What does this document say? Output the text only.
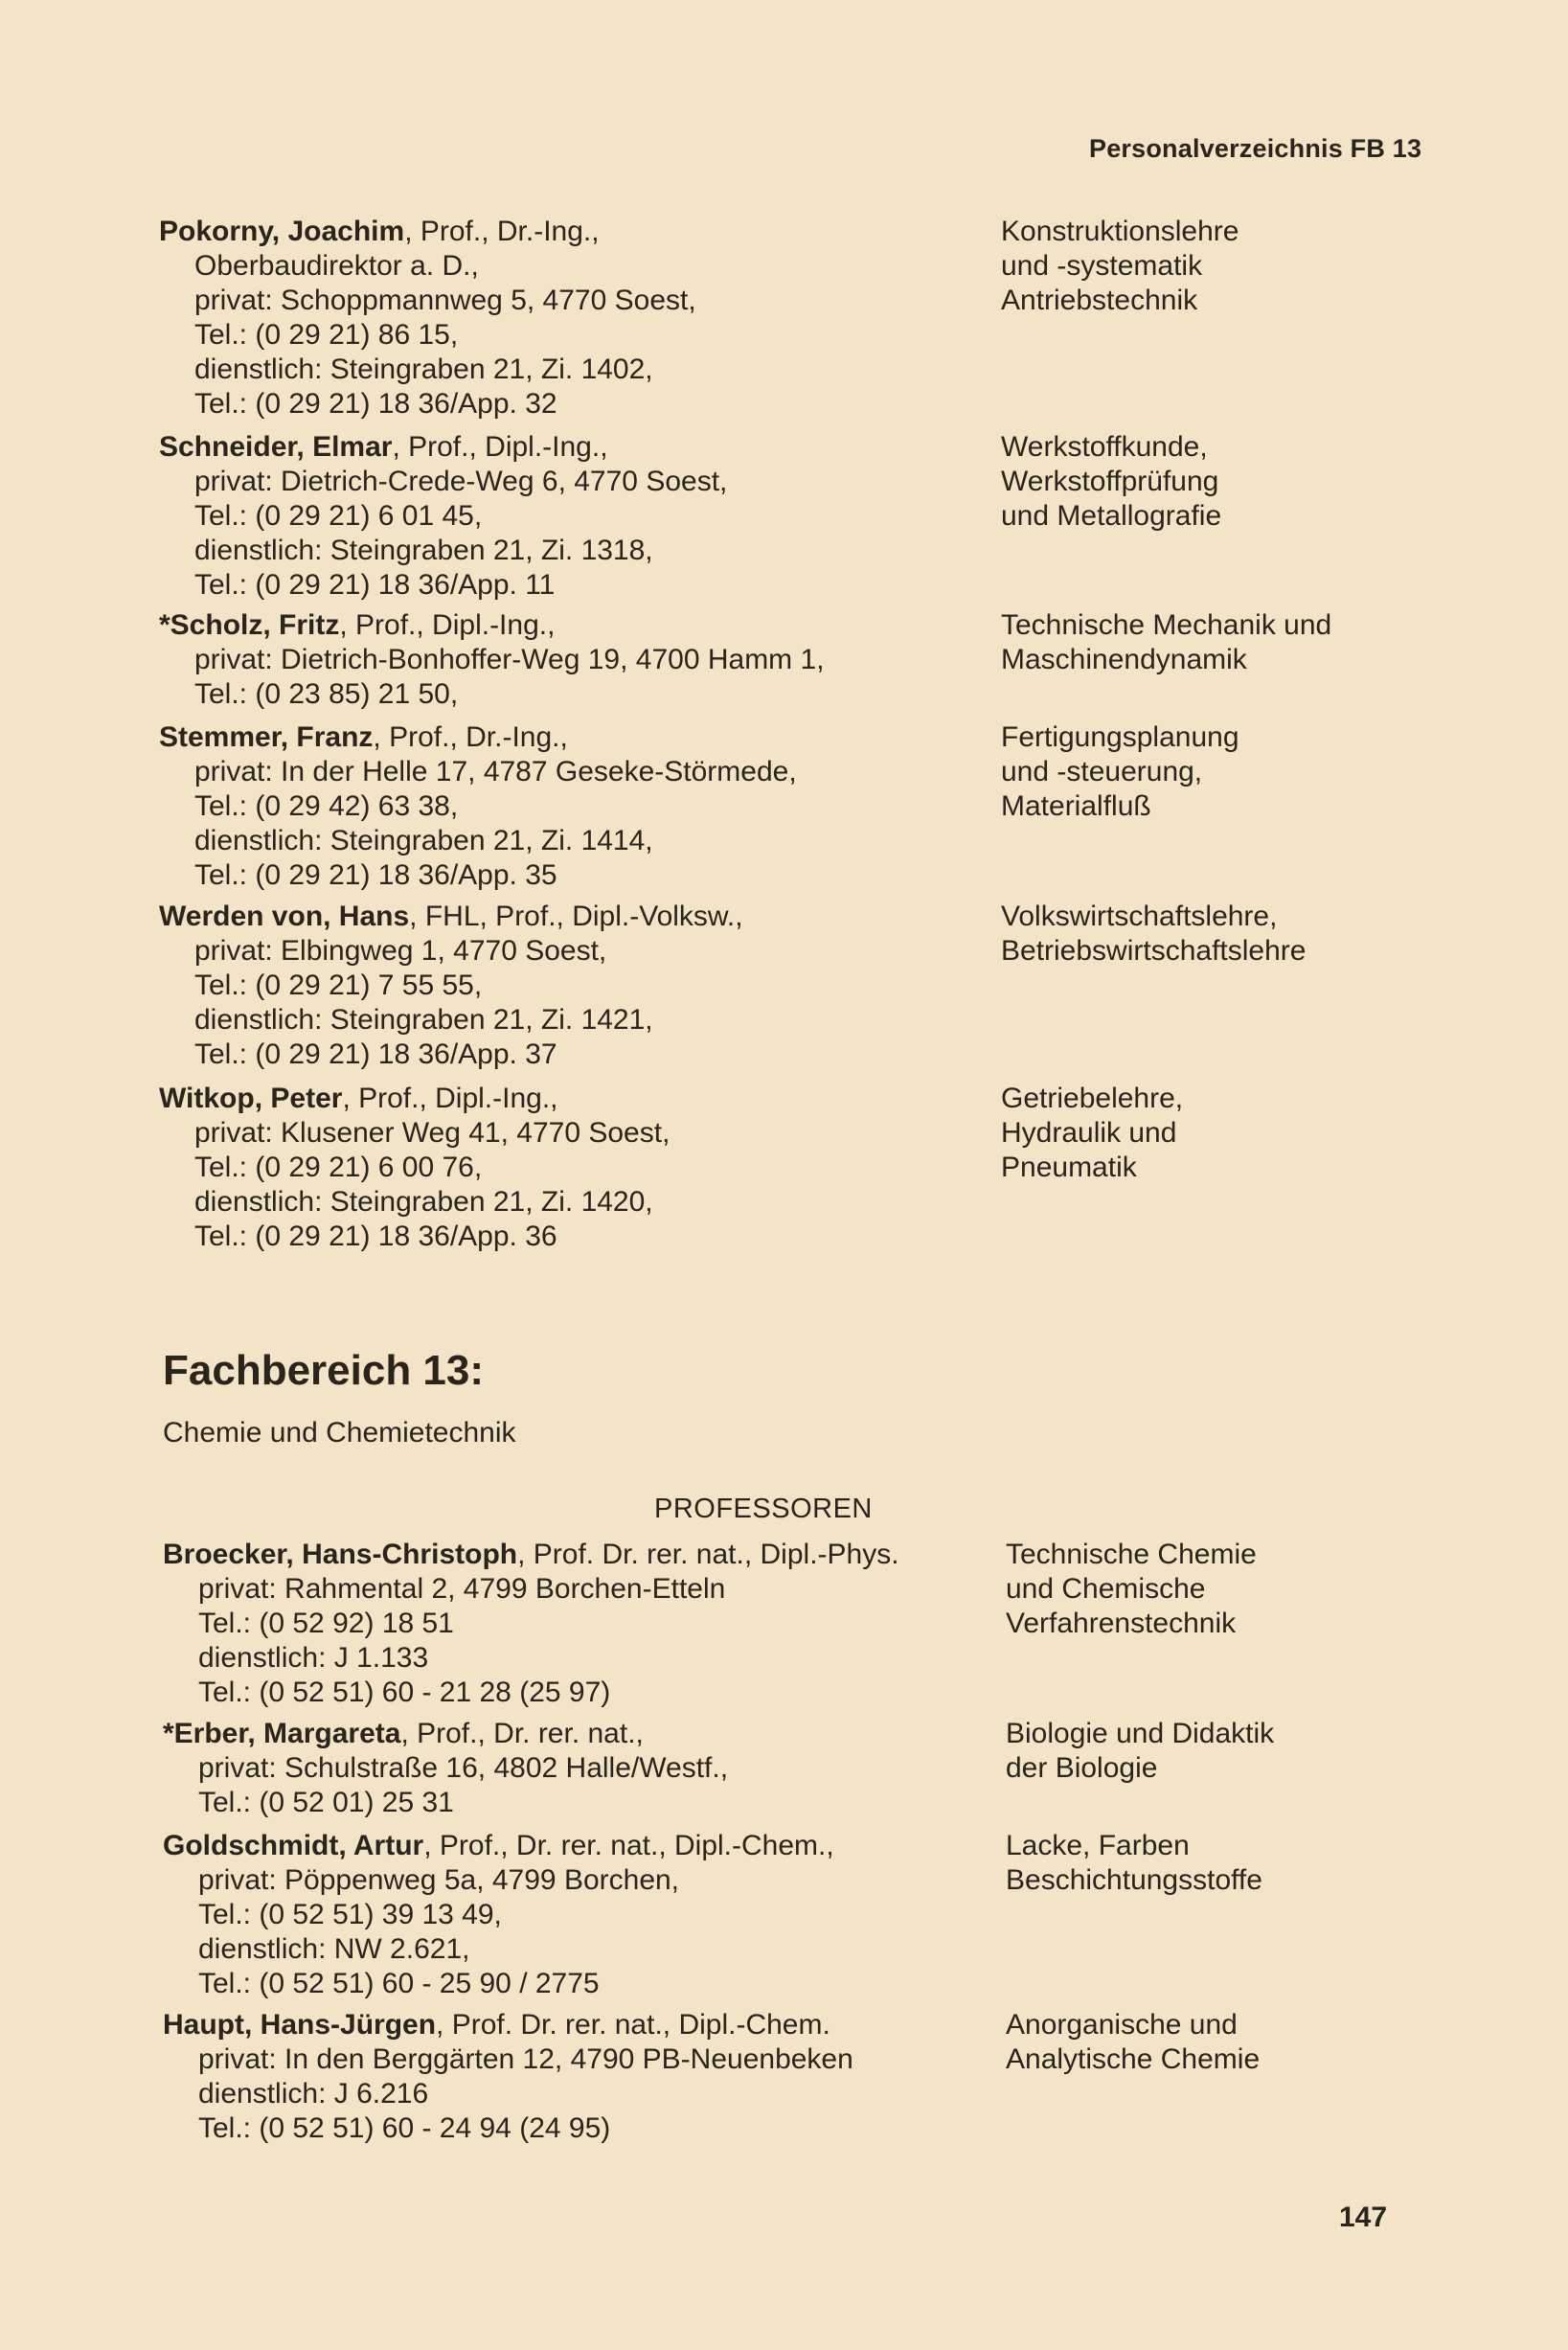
Personalverzeichnis FB 13
Pokorny, Joachim, Prof., Dr.-Ing.,
Oberbaudirektor a. D.,
privat: Schoppmannweg 5, 4770 Soest,
Tel.: (0 29 21) 86 15,
dienstlich: Steingraben 21, Zi. 1402,
Tel.: (0 29 21) 18 36/App. 32
Konstruktionslehre
und -systematik
Antriebstechnik
Schneider, Elmar, Prof., Dipl.-Ing.,
privat: Dietrich-Crede-Weg 6, 4770 Soest,
Tel.: (0 29 21) 6 01 45,
dienstlich: Steingraben 21, Zi. 1318,
Tel.: (0 29 21) 18 36/App. 11
Werkstoffkunde,
Werkstoffprüfung
und Metallografie
*Scholz, Fritz, Prof., Dipl.-Ing.,
privat: Dietrich-Bonhoffer-Weg 19, 4700 Hamm 1,
Tel.: (0 23 85) 21 50,
Technische Mechanik und
Maschinendynamik
Stemmer, Franz, Prof., Dr.-Ing.,
privat: In der Helle 17, 4787 Geseke-Störmede,
Tel.: (0 29 42) 63 38,
dienstlich: Steingraben 21, Zi. 1414,
Tel.: (0 29 21) 18 36/App. 35
Fertigungsplanung
und -steuerung,
Materialfluß
Werden von, Hans, FHL, Prof., Dipl.-Volksw.,
privat: Elbingweg 1, 4770 Soest,
Tel.: (0 29 21) 7 55 55,
dienstlich: Steingraben 21, Zi. 1421,
Tel.: (0 29 21) 18 36/App. 37
Volkswirtschaftslehre,
Betriebswirtschaftslehre
Witkop, Peter, Prof., Dipl.-Ing.,
privat: Klusener Weg 41, 4770 Soest,
Tel.: (0 29 21) 6 00 76,
dienstlich: Steingraben 21, Zi. 1420,
Tel.: (0 29 21) 18 36/App. 36
Getriebelehre,
Hydraulik und
Pneumatik
Fachbereich 13:
Chemie und Chemietechnik
PROFESSOREN
Broecker, Hans-Christoph, Prof. Dr. rer. nat., Dipl.-Phys.
privat: Rahmental 2, 4799 Borchen-Etteln
Tel.: (0 52 92) 18 51
dienstlich: J 1.133
Tel.: (0 52 51) 60 - 21 28 (25 97)
Technische Chemie
und Chemische
Verfahrenstechnik
*Erber, Margareta, Prof., Dr. rer. nat.,
privat: Schulstraße 16, 4802 Halle/Westf.,
Tel.: (0 52 01) 25 31
Biologie und Didaktik
der Biologie
Goldschmidt, Artur, Prof., Dr. rer. nat., Dipl.-Chem.,
privat: Pöppenweg 5a, 4799 Borchen,
Tel.: (0 52 51) 39 13 49,
dienstlich: NW 2.621,
Tel.: (0 52 51) 60 - 25 90 / 2775
Lacke, Farben
Beschichtungsstoffe
Haupt, Hans-Jürgen, Prof. Dr. rer. nat., Dipl.-Chem.
privat: In den Berggärten 12, 4790 PB-Neuenbeken
dienstlich: J 6.216
Tel.: (0 52 51) 60 - 24 94 (24 95)
Anorganische und
Analytische Chemie
147
